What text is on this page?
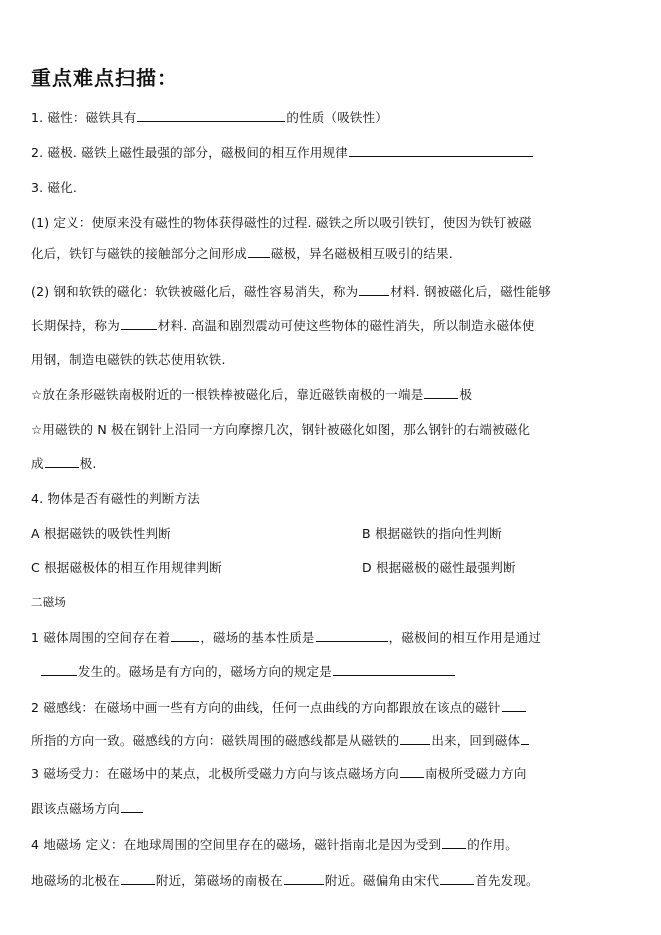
重点难点扫描：
1. 磁性：磁铁具有	的性质（吸铁性）
2. 磁极. 磁铁上磁性最强的部分，磁极间的相互作用规律
3. 磁化.
(1) 定义：使原来没有磁性的物体获得磁性的过程. 磁铁之所以吸引铁钉，使因为铁钉被磁
化后，铁钉与磁铁的接触部分之间形成 磁极，异名磁极相互吸引的结果.
(2) 钢和软铁的磁化：软铁被磁化后，磁性容易消失，称为	材料. 钢被磁化后，磁性能够
长期保持，称为	材料. 高温和剧烈震动可使这些物体的磁性消失，所以制造永磁体使
用钢，制造电磁铁的铁芯使用软铁.
☆放在条形磁铁南极附近的一根铁棒被磁化后，靠近磁铁南极的一端是	极
☆用磁铁的 N 极在钢针上沿同一方向摩擦几次，钢针被磁化如图，那么钢针的右端被磁化
成	极.
4. 物体是否有磁性的判断方法
A 根据磁铁的吸铁性判断	B 根据磁铁的指向性判断
C 根据磁极体的相互作用规律判断	D 根据磁极的磁性最强判断
二磁场
1 磁体周围的空间存在着 ，磁场的基本性质是	，磁极间的相互作用是通过
发生的。磁场是有方向的，磁场方向的规定是
2 磁感线：在磁场中画一些有方向的曲线，任何一点曲线的方向都跟放在该点的磁针
所指的方向一致。磁感线的方向：磁铁周围的磁感线都是从磁铁的	出来，回到磁体
3 磁场受力：在磁场中的某点，北极所受磁力方向与该点磁场方向 南极所受磁力方向
跟该点磁场方向
4 地磁场 定义：在地球周围的空间里存在的磁场，磁针指南北是因为受到 的作用。
地磁场的北极在	附近，第磁场的南极在	附近。磁偏角由宋代	首先发现。
